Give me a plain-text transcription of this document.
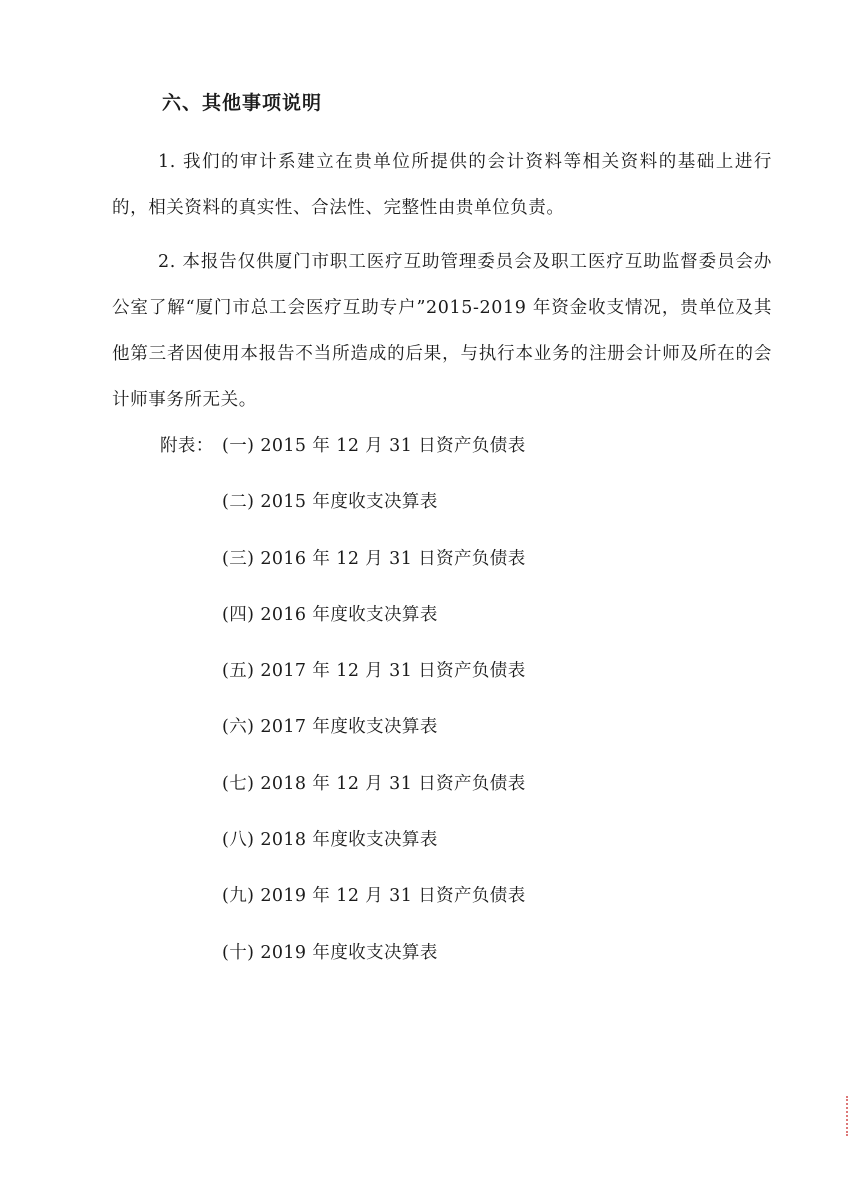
六、其他事项说明
1. 我们的审计系建立在贵单位所提供的会计资料等相关资料的基础上进行的，相关资料的真实性、合法性、完整性由贵单位负责。
2. 本报告仅供厦门市职工医疗互助管理委员会及职工医疗互助监督委员会办公室了解“厦门市总工会医疗互助专户”2015-2019 年资金收支情况，贵单位及其他第三者因使用本报告不当所造成的后果，与执行本业务的注册会计师及所在的会计师事务所无关。
附表： (一) 2015 年 12 月 31 日资产负债表
(二) 2015 年度收支决算表
(三) 2016 年 12 月 31 日资产负债表
(四) 2016 年度收支决算表
(五) 2017 年 12 月 31 日资产负债表
(六) 2017 年度收支决算表
(七) 2018 年 12 月 31 日资产负债表
(八) 2018 年度收支决算表
(九) 2019 年 12 月 31 日资产负债表
(十) 2019 年度收支决算表
